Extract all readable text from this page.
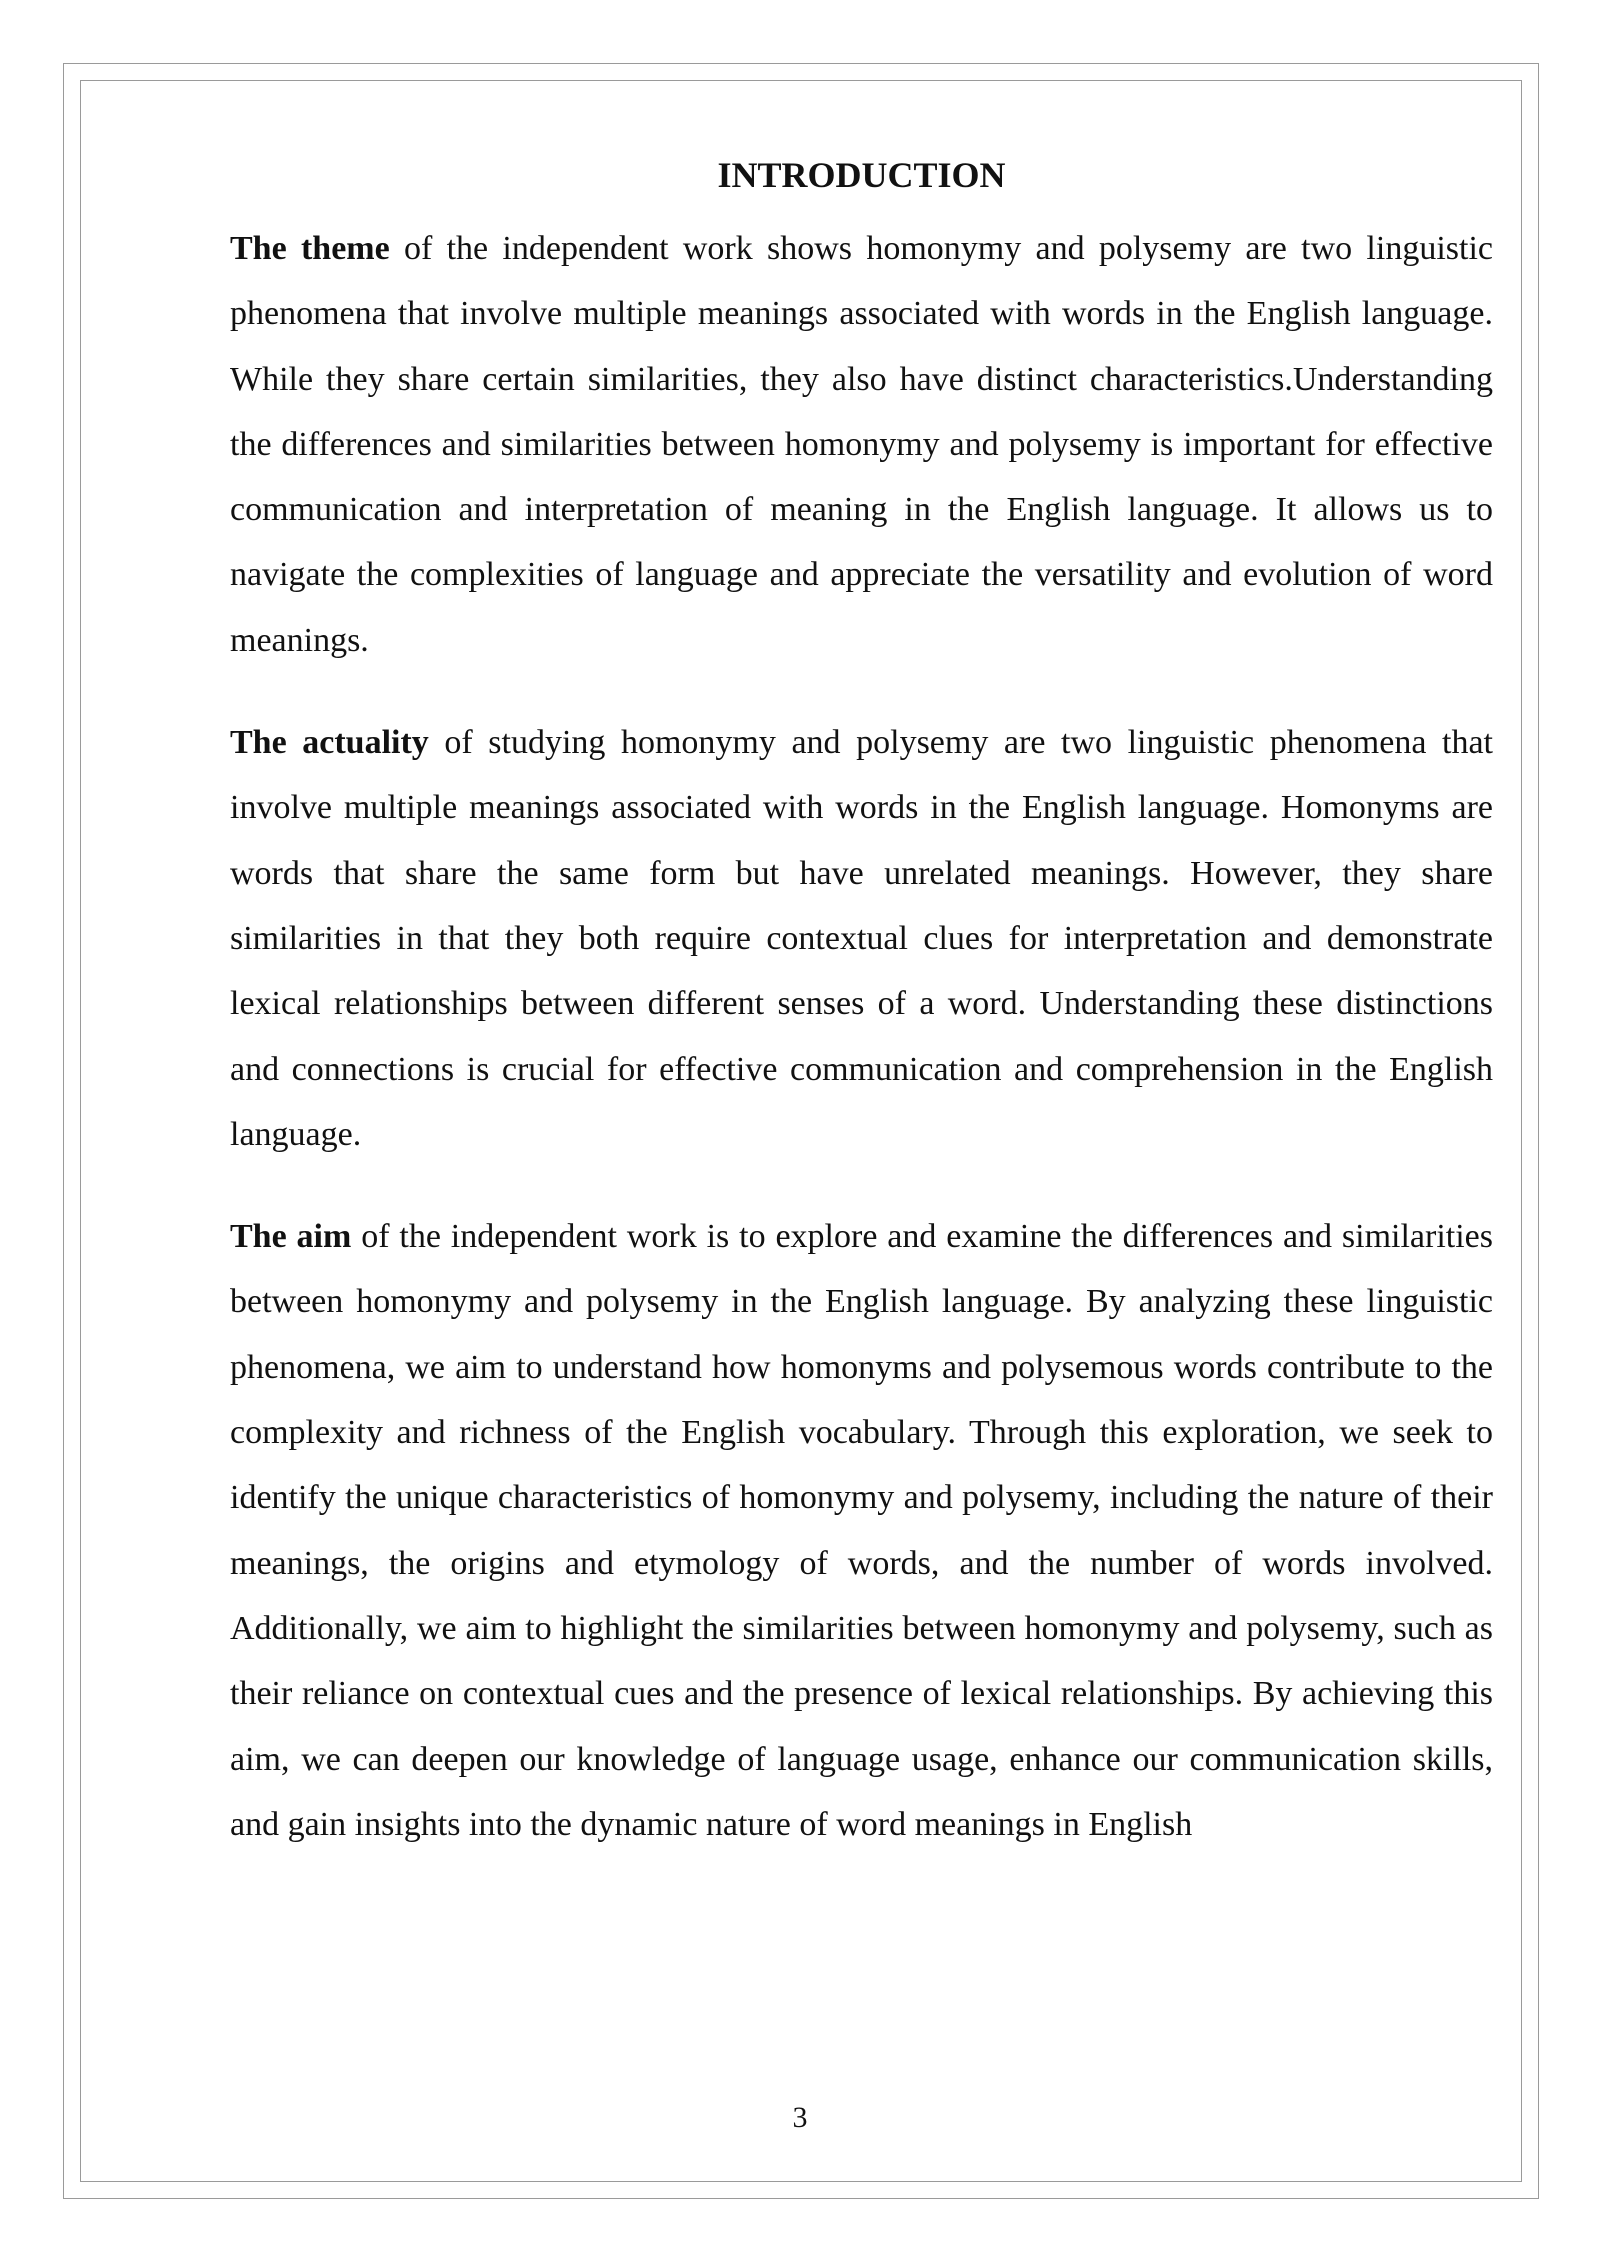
INTRODUCTION

The theme of the independent work shows homonymy and polysemy are two linguistic phenomena that involve multiple meanings associated with words in the English language. While they share certain similarities, they also have distinct characteristics.Understanding the differences and similarities between homonymy and polysemy is important for effective communication and interpretation of meaning in the English language. It allows us to navigate the complexities of language and appreciate the versatility and evolution of word meanings.

The actuality of studying homonymy and polysemy are two linguistic phenomena that involve multiple meanings associated with words in the English language. Homonyms are words that share the same form but have unrelated meanings. However, they share similarities in that they both require contextual clues for interpretation and demonstrate lexical relationships between different senses of a word. Understanding these distinctions and connections is crucial for effective communication and comprehension in the English language.

The aim of the independent work is to explore and examine the differences and similarities between homonymy and polysemy in the English language. By analyzing these linguistic phenomena, we aim to understand how homonyms and polysemous words contribute to the complexity and richness of the English vocabulary. Through this exploration, we seek to identify the unique characteristics of homonymy and polysemy, including the nature of their meanings, the origins and etymology of words, and the number of words involved. Additionally, we aim to highlight the similarities between homonymy and polysemy, such as their reliance on contextual cues and the presence of lexical relationships. By achieving this aim, we can deepen our knowledge of language usage, enhance our communication skills, and gain insights into the dynamic nature of word meanings in English

3
